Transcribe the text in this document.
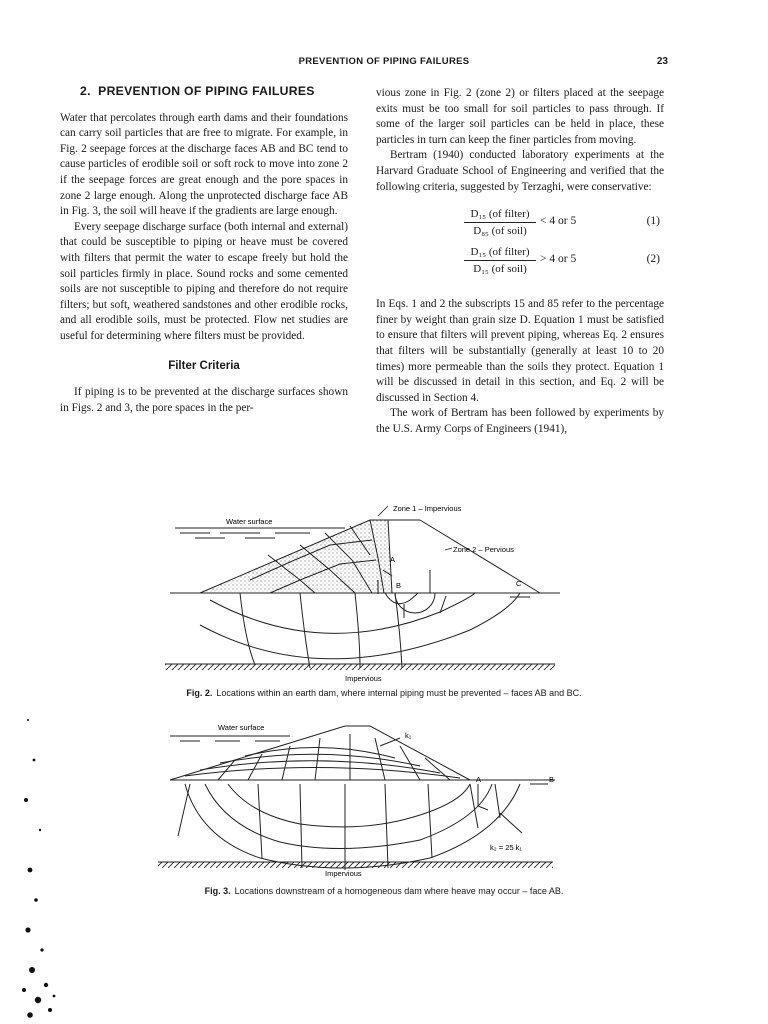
PREVENTION OF PIPING FAILURES	23
2. PREVENTION OF PIPING FAILURES

Water that percolates through earth dams and their foundations can carry soil particles that are free to migrate. For example, in Fig. 2 seepage forces at the discharge faces AB and BC tend to cause particles of erodible soil or soft rock to move into zone 2 if the seepage forces are great enough and the pore spaces in zone 2 large enough. Along the unprotected discharge face AB in Fig. 3, the soil will heave if the gradients are large enough.

Every seepage discharge surface (both internal and external) that could be susceptible to piping or heave must be covered with filters that permit the water to escape freely but hold the soil particles firmly in place. Sound rocks and some cemented soils are not susceptible to piping and therefore do not require filters; but soft, weathered sandstones and other erodible rocks, and all erodible soils, must be protected. Flow net studies are useful for determining where filters must be provided.

Filter Criteria

If piping is to be prevented at the discharge surfaces shown in Figs. 2 and 3, the pore spaces in the per-

vious zone in Fig. 2 (zone 2) or filters placed at the seepage exits must be too small for soil particles to pass through. If some of the larger soil particles can be held in place, these particles in turn can keep the finer particles from moving.

Bertram (1940) conducted laboratory experiments at the Harvard Graduate School of Engineering and verified that the following criteria, suggested by Terzaghi, were conservative:

D₁₅ (of filter)
D₈₅ (of soil)
< 4 or 5	(1)
D₁₅ (of filter)
D₁₅ (of soil)
> 4 or 5	(2)

In Eqs. 1 and 2 the subscripts 15 and 85 refer to the percentage finer by weight than grain size D. Equation 1 must be satisfied to ensure that filters will prevent piping, whereas Eq. 2 ensures that filters will be substantially (generally at least 10 to 20 times) more permeable than the soils they protect. Equation 1 will be discussed in detail in this section, and Eq. 2 will be discussed in Section 4.

The work of Bertram has been followed by experiments by the U.S. Army Corps of Engineers (1941),

Water surface
Zone 1 – Impervious
Zone 2 – Pervious
A
B	C
Impervious
Fig. 2. Locations within an earth dam, where internal piping must be prevented – faces AB and BC.
Water surface
k₁
A	B
k₂ = 25 k₁
Impervious
Fig. 3. Locations downstream of a homogeneous dam where heave may occur – face AB.
